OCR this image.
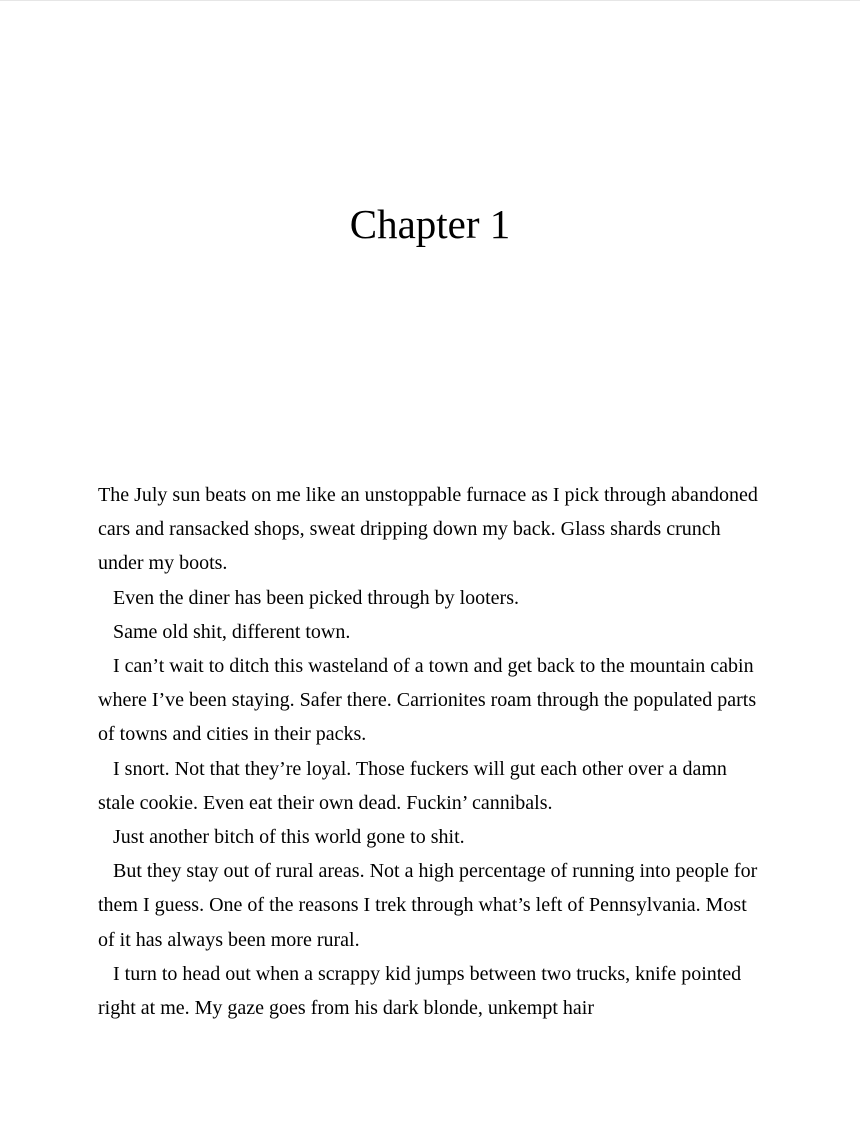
Chapter 1

The July sun beats on me like an unstoppable furnace as I pick through abandoned cars and ransacked shops, sweat dripping down my back. Glass shards crunch under my boots.

Even the diner has been picked through by looters.

Same old shit, different town.

I can’t wait to ditch this wasteland of a town and get back to the mountain cabin where I’ve been staying. Safer there. Carrionites roam through the populated parts of towns and cities in their packs.

I snort. Not that they’re loyal. Those fuckers will gut each other over a damn stale cookie. Even eat their own dead. Fuckin’ cannibals.

Just another bitch of this world gone to shit.

But they stay out of rural areas. Not a high percentage of running into people for them I guess. One of the reasons I trek through what’s left of Pennsylvania. Most of it has always been more rural.

I turn to head out when a scrappy kid jumps between two trucks, knife pointed right at me. My gaze goes from his dark blonde, unkempt hair
